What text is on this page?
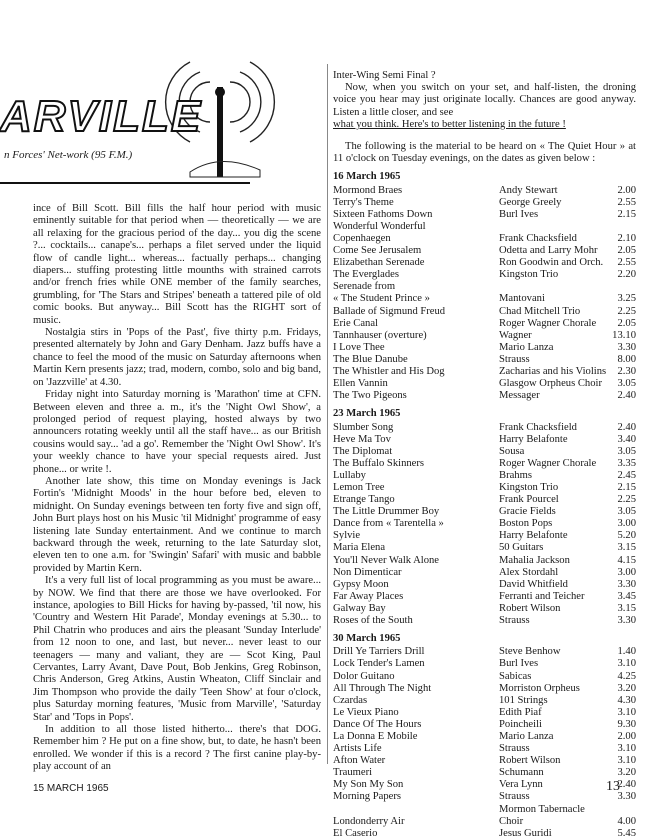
ARVILLE
n Forces' Net-work (95 F.M.)

ince of Bill Scott. Bill fills the half hour period with music eminently suitable for that period when — theoretically — we are all relaxing for the gracious period of the day... you dig the scene ?... cocktails... canape's... perhaps a filet served under the liquid flow of candle light... whereas... factually perhaps... changing diapers... stuffing protesting little mounths with strained carrots and/or french fries while ONE member of the family searches, grumbling, for 'The Stars and Stripes' beneath a tattered pile of old comic books. But anyway... Bill Scott has the RIGHT sort of music.

Nostalgia stirs in 'Pops of the Past', five thirty p.m. Fridays, presented alternately by John and Gary Denham. Jazz buffs have a chance to feel the mood of the music on Saturday afternoons when Martin Kern presents jazz; trad, modern, combo, solo and big band, on 'Jazzville' at 4.30.

Friday night into Saturday morning is 'Marathon' time at CFN. Between eleven and three a. m., it's the 'Night Owl Show', a prolonged period of request playing, hosted always by two announcers rotating weekly until all the staff have... as our British cousins would say... 'ad a go'. Remember the 'Night Owl Show'. It's your weekly chance to have your special requests aired. Just phone... or write !.

Another late show, this time on Monday evenings is Jack Fortin's 'Midnight Moods' in the hour before bed, eleven to midnight. On Sunday evenings between ten forty five and sign off, John Burt plays host on his Music 'til Midnight' programme of easy listening late Sunday entertainment. And we continue to march backward through the week, returning to the late Saturday slot, eleven ten to one a.m. for 'Swingin' Safari' with music and babble provided by Martin Kern.

It's a very full list of local programming as you must be aware... by NOW. We find that there are those we have overlooked. For instance, apologies to Bill Hicks for having by-passed, 'til now, his 'Country and Western Hit Parade', Monday evenings at 5.30... to Phil Chatrin who produces and airs the pleasant 'Sunday Interlude' from 12 noon to one, and last, but never... never least to our teenagers — many and valiant, they are — Scot King, Paul Cervantes, Larry Avant, Dave Pout, Bob Jenkins, Greg Robinson, Chris Anderson, Greg Atkins, Austin Wheaton, Cliff Sinclair and Jim Thompson who provide the daily 'Teen Show' at four o'clock, plus Saturday morning features, 'Music from Marville', 'Saturday Star' and 'Tops in Pops'.

In addition to all those listed hitherto... there's that DOG. Remember him ? He put on a fine show, but, to date, he hasn't been enrolled. We wonder if this is a record ? The first canine play-by-play account of an

Inter-Wing Semi Final ?

Now, when you switch on your set, and half-listen, the droning voice you hear may just originate locally. Chances are good anyway. Listen a little closer, and see

what you think. Here's to better listening in the future !

The following is the material to be heard on « The Quiet Hour » at 11 o'clock on Tuesday evenings, on the dates as given below :
16 March 1965
Mormond Braes	Andy Stewart	2.00
Terry's Theme	George Greely	2.55
Sixteen Fathoms Down	Burl Ives	2.15
Wonderful Wonderful
Copenhaegen	Frank Chacksfield	2.10
Come See Jerusalem	Odetta and Larry Mohr	2.05
Elizabethan Serenade	Ron Goodwin and Orch.	2.55
The Everglades	Kingston Trio	2.20
Serenade from
« The Student Prince »	Mantovani	3.25
Ballade of Sigmund Freud	Chad Mitchell Trio	2.25
Erie Canal	Roger Wagner Chorale	2.05
Tannhauser (overture)	Wagner	13.10
I Love Thee	Mario Lanza	3.30
The Blue Danube	Strauss	8.00
The Whistler and His Dog	Zacharias and his Violins	2.30
Ellen Vannin	Glasgow Orpheus Choir	3.05
The Two Pigeons	Messager	2.40
23 March 1965
Slumber Song	Frank Chacksfield	2.40
Heve Ma Tov	Harry Belafonte	3.40
The Diplomat	Sousa	3.05
The Buffalo Skinners	Roger Wagner Chorale	3.35
Lullaby	Brahms	2.45
Lemon Tree	Kingston Trio	2.15
Etrange Tango	Frank Pourcel	2.25
The Little Drummer Boy	Gracie Fields	3.05
Dance from « Tarentella »	Boston Pops	3.00
Sylvie	Harry Belafonte	5.20
Maria Elena	50 Guitars	3.15
You'll Never Walk Alone	Mahalia Jackson	4.15
Non Dimenticar	Alex Stordahl	3.00
Gypsy Moon	David Whitfield	3.30
Far Away Places	Ferranti and Teicher	3.45
Galway Bay	Robert Wilson	3.15
Roses of the South	Strauss	3.30
30 March 1965
Drill Ye Tarriers Drill	Steve Benhow	1.40
Lock Tender's Lamen	Burl Ives	3.10
Dolor Guitano	Sabicas	4.25
All Through The Night	Morriston Orpheus	3.20
Czardas	101 Strings	4.30
Le Vieux Piano	Edith Piaf	3.10
Dance Of The Hours	Poincheili	9.30
La Donna E Mobile	Mario Lanza	2.00
Artists Life	Strauss	3.10
Afton Water	Robert Wilson	3.10
Traumeri	Schumann	3.20
My Son My Son	Vera Lynn	2.40
Morning Papers	Strauss	3.30
Mormon Tabernacle
Londonderry Air	Choir	4.00
El Caserio	Jesus Guridi	5.45
15 MARCH 1965	13
